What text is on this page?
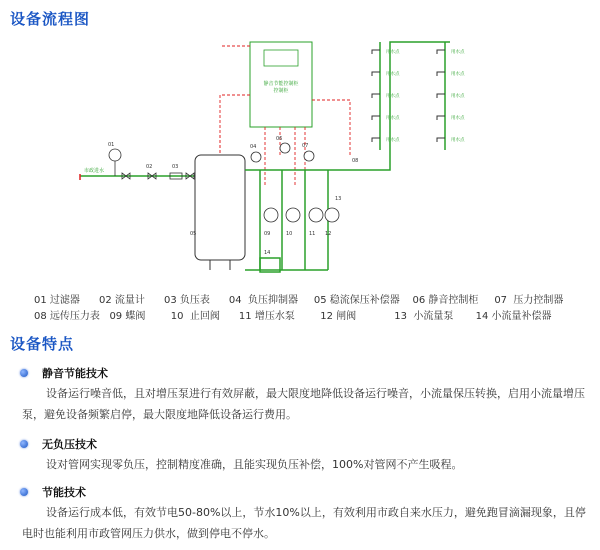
设备流程图
市政进水
静音节能控制柜
控制柜
用水点
用水点
用水点
用水点
用水点
用水点
用水点
用水点
用水点
用水点
01
02	03
04
05
06
07
08
09	10	11 12
13
14
01 过滤器      02 流量计      03 负压表      04  负压抑制器     05 稳流保压补偿器    06 静音控制柜     07  压力控制器
08 远传压力表   09 蝶阀        10  止回阀      11 增压水泵        12 闸阀            13  小流量泵       14 小流量补偿器
设备特点
静音节能技术
设备运行噪音低，且对增压泵进行有效屏蔽，最大限度地降低设备运行噪音，小流量保压转换，启用小流量增压泵，避免设备频繁启停，最大限度地降低设备运行费用。
无负压技术
设对管网实现零负压，控制精度准确，且能实现负压补偿，100%对管网不产生吸程。
节能技术
设备运行成本低，有效节电50-80%以上，节水10%以上，有效利用市政自来水压力，避免跑冒滴漏现象，且停电时也能利用市政管网压力供水，做到停电不停水。
